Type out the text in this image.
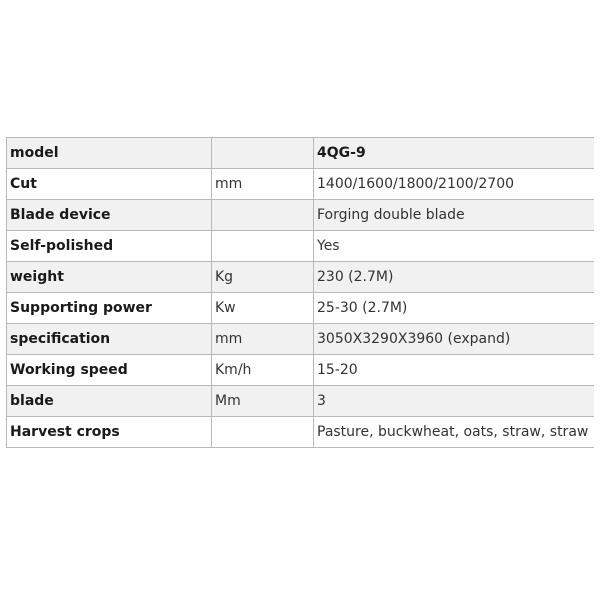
model		4QG-9
Cut	mm	1400/1600/1800/2100/2700
Blade device		Forging double blade
Self-polished		Yes
weight	Kg	230 (2.7M)
Supporting power	Kw	25-30 (2.7M)
specification	mm	3050X3290X3960 (expand)
Working speed	Km/h	15-20
blade	Mm	3
Harvest crops		Pasture, buckwheat, oats, straw, straw
